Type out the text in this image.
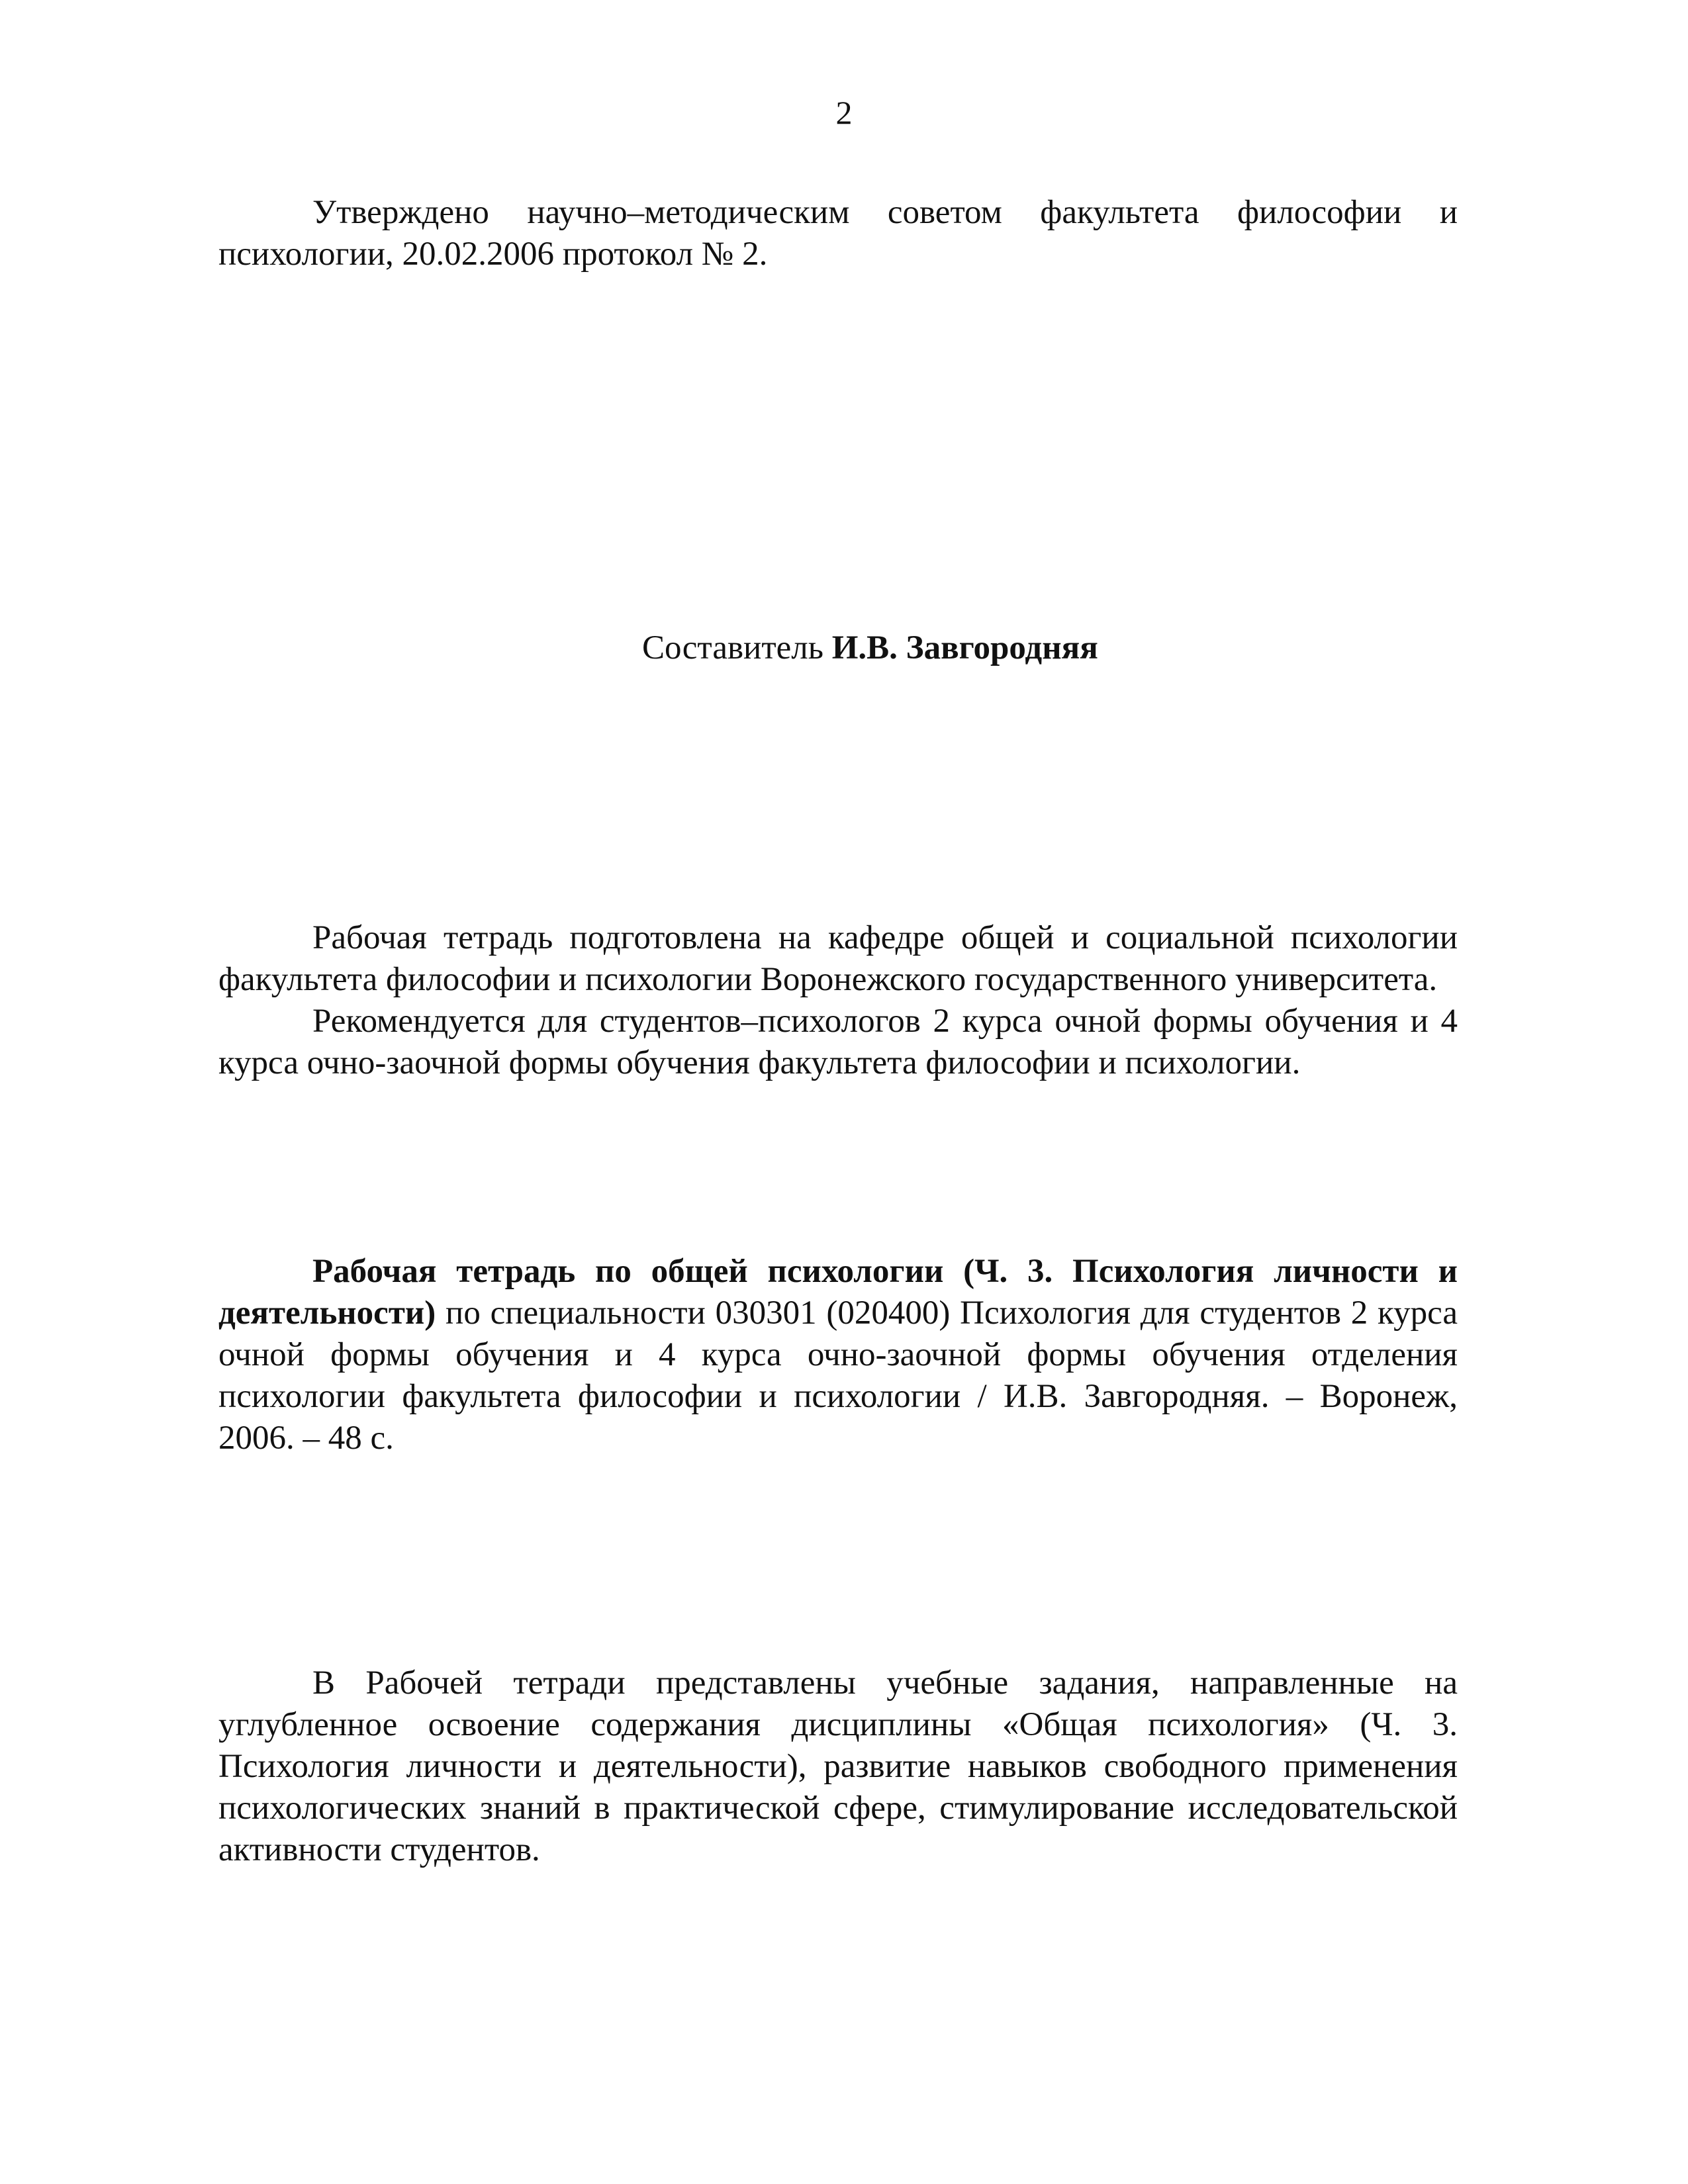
2

Утверждено научно–методическим советом факультета философии и психологии, 20.02.2006 протокол № 2.

Составитель И.В. Завгородняя

Рабочая тетрадь подготовлена на кафедре общей и социальной психологии факультета философии и психологии Воронежского государственного университета.

Рекомендуется для студентов–психологов 2 курса очной формы обучения и 4 курса очно-заочной формы обучения факультета философии и психологии.

Рабочая тетрадь по общей психологии (Ч. 3. Психология личности и деятельности) по специальности 030301 (020400) Психология для студентов 2 курса очной формы обучения и 4 курса очно-заочной формы обучения отделения психологии факультета философии и психологии / И.В. Завгородняя. – Воронеж, 2006. – 48 с.

В Рабочей тетради представлены учебные задания, направленные на углубленное освоение содержания дисциплины «Общая психология» (Ч. 3. Психология личности и деятельности), развитие навыков свободного применения психологических знаний в практической сфере, стимулирование исследовательской активности студентов.
